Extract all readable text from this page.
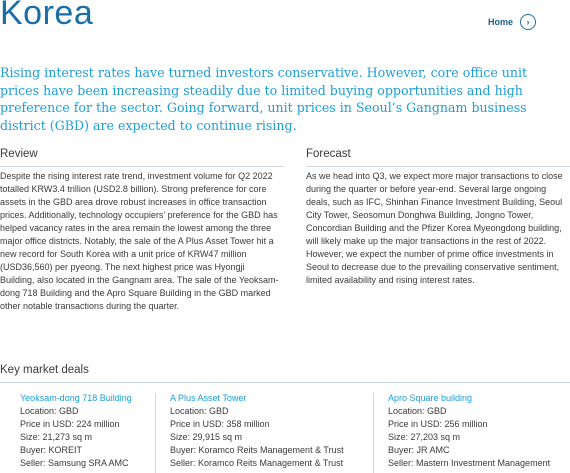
Korea	Home	›
Rising interest rates have turned investors conservative. However, core office unit prices have been increasing steadily due to limited buying opportunities and high preference for the sector. Going forward, unit prices in Seoul’s Gangnam business district (GBD) are expected to continue rising.
Review
Despite the rising interest rate trend, investment volume for Q2 2022 totalled KRW3.4 trillion (USD2.8 billion). Strong preference for core assets in the GBD area drove robust increases in office transaction prices. Additionally, technology occupiers’ preference for the GBD has helped vacancy rates in the area remain the lowest among the three major office districts. Notably, the sale of the A Plus Asset Tower hit a new record for South Korea with a unit price of KRW47 million (USD36,560) per pyeong. The next highest price was Hyongji Building, also located in the Gangnam area. The sale of the Yeoksam-dong 718 Building and the Apro Square Building in the GBD marked other notable transactions during the quarter.
Forecast
As we head into Q3, we expect more major transactions to close during the quarter or before year-end. Several large ongoing deals, such as IFC, Shinhan Finance Investment Building, Seoul City Tower, Seosomun Donghwa Building, Jongno Tower, Concordian Building and the Pfizer Korea Myeongdong building, will likely make up the major transactions in the rest of 2022. However, we expect the number of prime office investments in Seoul to decrease due to the prevailing conservative sentiment, limited availability and rising interest rates.
Key market deals
Yeoksam-dong 718 Building
Location: GBD
Price in USD: 224 million
Size: 21,273 sq m
Buyer: KOREIT
Seller: Samsung SRA AMC
A Plus Asset Tower
Location: GBD
Price in USD: 358 million
Size: 29,915 sq m
Buyer: Koramco Reits Management & Trust
Seller: Koramco Reits Management & Trust
Apro Square building
Location: GBD
Price in USD: 256 million
Size: 27,203 sq m
Buyer: JR AMC
Seller: Mastern Investment Management
